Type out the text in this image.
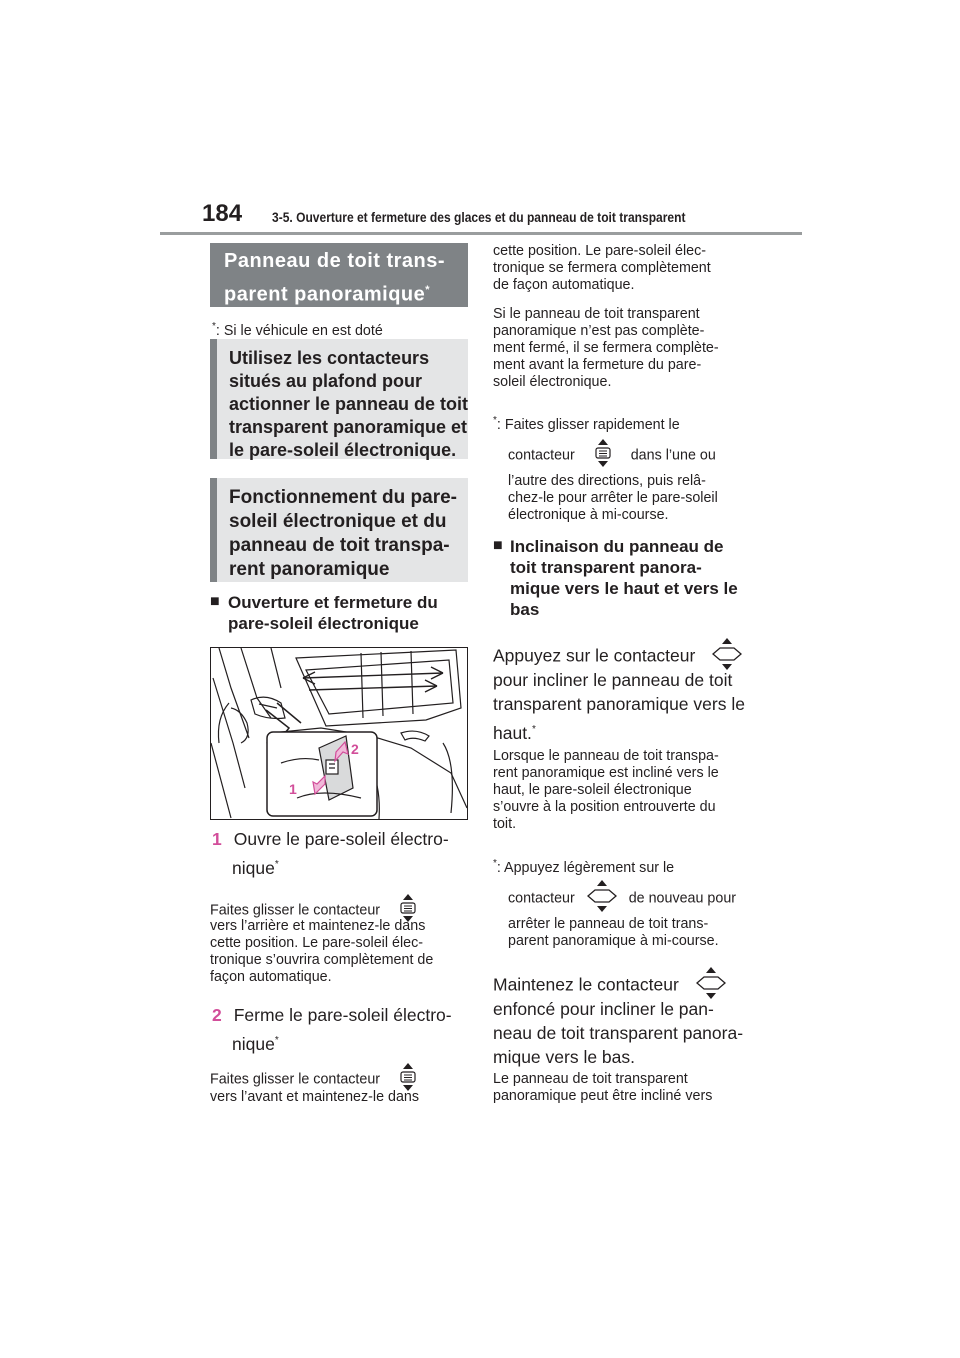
184 3-5. Ouverture et fermeture des glaces et du panneau de toit transparent
Panneau de toit trans-
parent panoramique*
*: Si le véhicule en est doté
Utilisez les contacteurs
situés au plafond pour
actionner le panneau de toit
transparent panoramique et
le pare-soleil électronique.
Fonctionnement du pare-
soleil électronique et du
panneau de toit transpa-
rent panoramique
■ Ouverture et fermeture du
pare-soleil électronique
2
1
1 Ouvre le pare-soleil électro-
nique*
Faites glisser le contacteur
vers l’arrière et maintenez-le dans
cette position. Le pare-soleil élec-
tronique s’ouvrira complètement de
façon automatique.
2 Ferme le pare-soleil électro-
nique*
Faites glisser le contacteur
vers l’avant et maintenez-le dans
cette position. Le pare-soleil élec-
tronique se fermera complètement
de façon automatique.
Si le panneau de toit transparent
panoramique n’est pas complète-
ment fermé, il se fermera complète-
ment avant la fermeture du pare-
soleil électronique.
*: Faites glisser rapidement le
contacteur	dans l’une ou
l’autre des directions, puis relâ-
chez-le pour arrêter le pare-soleil
électronique à mi-course.
■ Inclinaison du panneau de
toit transparent panora-
mique vers le haut et vers le
bas
Appuyez sur le contacteur
pour incliner le panneau de toit
transparent panoramique vers le
haut.*
Lorsque le panneau de toit transpa-
rent panoramique est incliné vers le
haut, le pare-soleil électronique
s’ouvre à la position entrouverte du
toit.
*: Appuyez légèrement sur le
contacteur	de nouveau pour
arrêter le panneau de toit trans-
parent panoramique à mi-course.
Maintenez le contacteur
enfoncé pour incliner le pan-
neau de toit transparent panora-
mique vers le bas.
Le panneau de toit transparent
panoramique peut être incliné vers
